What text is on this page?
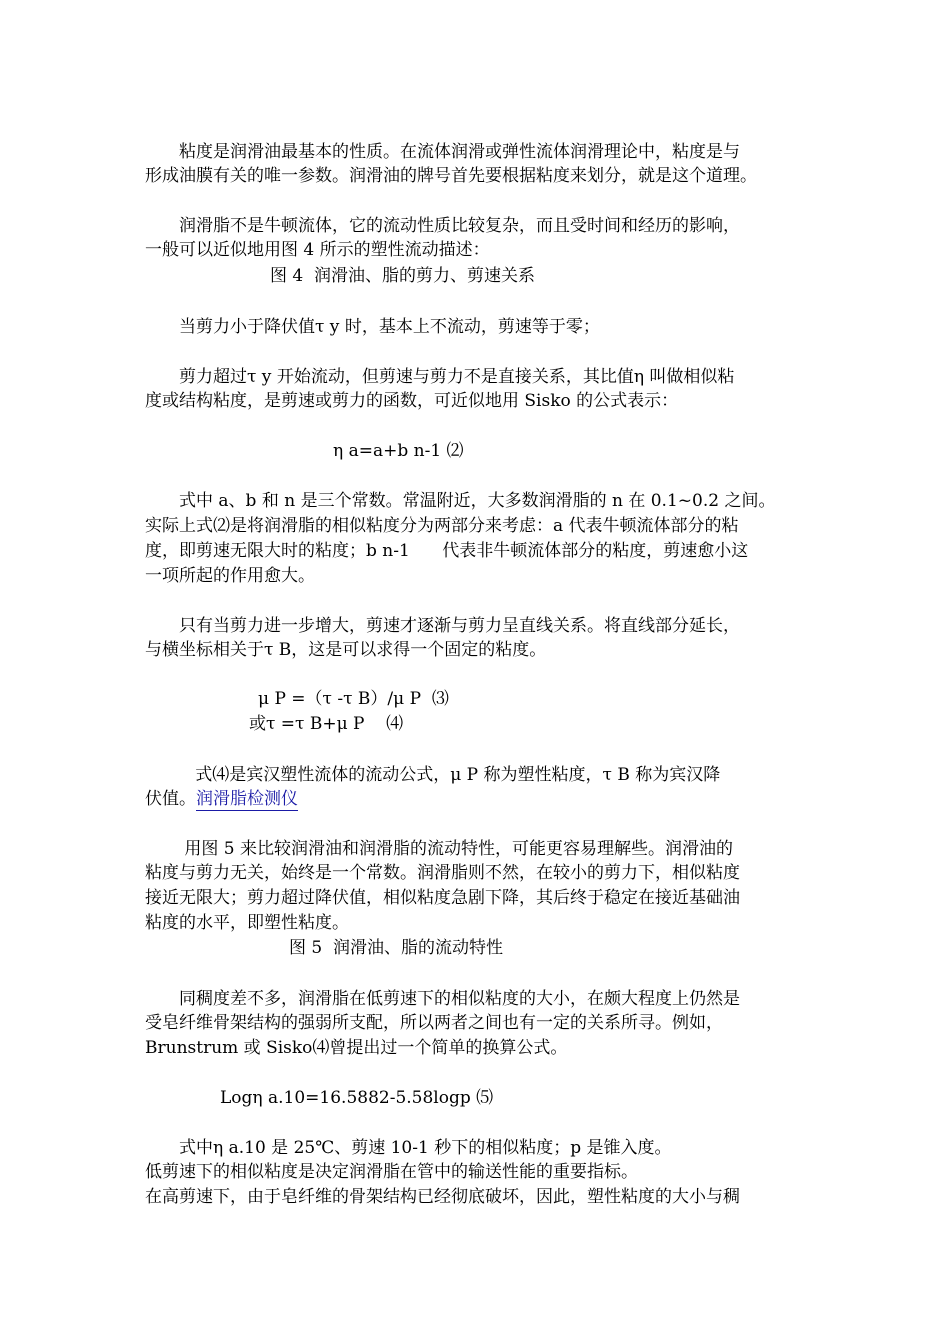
　　粘度是润滑油最基本的性质。在流体润滑或弹性流体润滑理论中，粘度是与
形成油膜有关的唯一参数。润滑油的牌号首先要根据粘度来划分，就是这个道理。
　　润滑脂不是牛顿流体，它的流动性质比较复杂，而且受时间和经历的影响，
一般可以近似地用图 4 所示的塑性流动描述：
图 4  润滑油、脂的剪力、剪速关系
　　当剪力小于降伏值τ y 时，基本上不流动，剪速等于零；
　　剪力超过τ y 开始流动，但剪速与剪力不是直接关系，其比值η 叫做相似粘
度或结构粘度，是剪速或剪力的函数，可近似地用 Sisko 的公式表示：
η a=a+b n-1 ⑵
　　式中 a、b 和 n 是三个常数。常温附近，大多数润滑脂的 n 在 0.1~0.2 之间。
实际上式⑵是将润滑脂的相似粘度分为两部分来考虑：a 代表牛顿流体部分的粘
度，即剪速无限大时的粘度；b n-1      代表非牛顿流体部分的粘度，剪速愈小这
一项所起的作用愈大。
　　只有当剪力进一步增大，剪速才逐渐与剪力呈直线关系。将直线部分延长，
与横坐标相关于τ B，这是可以求得一个固定的粘度。
μ P =（τ -τ B）/μ P  ⑶
或τ =τ B+μ P    ⑷
　　   式⑷是宾汉塑性流体的流动公式，μ P 称为塑性粘度，τ B 称为宾汉降
伏值。润滑脂检测仪
　　 用图 5 来比较润滑油和润滑脂的流动特性，可能更容易理解些。润滑油的
粘度与剪力无关，始终是一个常数。润滑脂则不然，在较小的剪力下，相似粘度
接近无限大；剪力超过降伏值，相似粘度急剧下降，其后终于稳定在接近基础油
粘度的水平，即塑性粘度。
图 5  润滑油、脂的流动特性
　　同稠度差不多，润滑脂在低剪速下的相似粘度的大小，在颇大程度上仍然是
受皂纤维骨架结构的强弱所支配，所以两者之间也有一定的关系所寻。例如，
Brunstrum 或 Sisko⑷曾提出过一个简单的换算公式。
Logη a.10=16.5882-5.58logp ⑸
　　式中η a.10 是 25℃、剪速 10-1 秒下的相似粘度；p 是锥入度。
低剪速下的相似粘度是决定润滑脂在管中的输送性能的重要指标。
在高剪速下，由于皂纤维的骨架结构已经彻底破坏，因此，塑性粘度的大小与稠
